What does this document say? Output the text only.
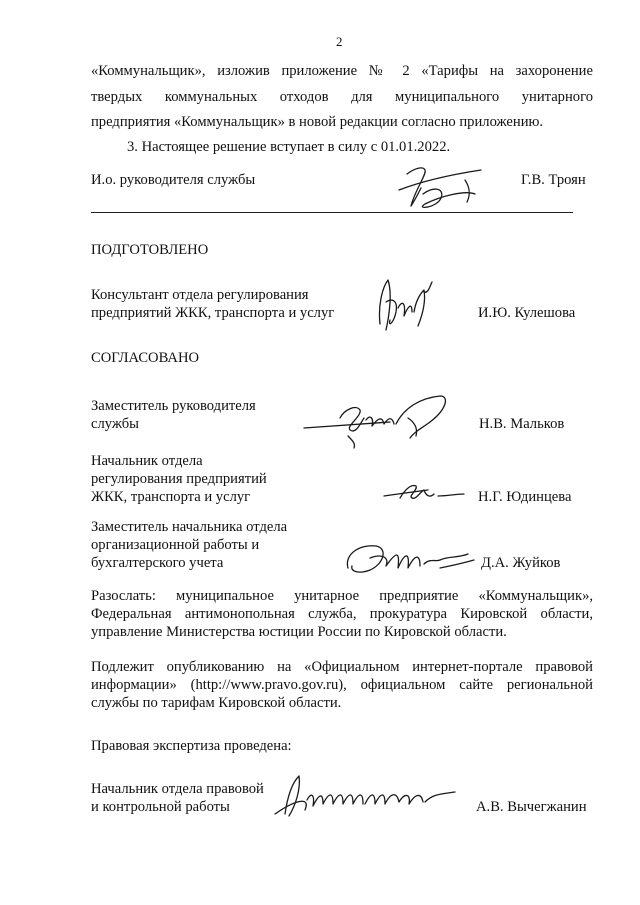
2
«Коммунальщик», изложив приложение № 2 «Тарифы на захоронение
твердых коммунальных отходов для муниципального унитарного
предприятия «Коммунальщик» в новой редакции согласно приложению.
3. Настоящее решение вступает в силу с 01.01.2022.
И.о. руководителя службы	Г.В. Троян
ПОДГОТОВЛЕНО
Консультант отдела регулирования
предприятий ЖКК, транспорта и услуг	И.Ю. Кулешова
СОГЛАСОВАНО
Заместитель руководителя
службы	Н.В. Мальков
Начальник отдела
регулирования предприятий
ЖКК, транспорта и услуг	Н.Г. Юдинцева
Заместитель начальника отдела
организационной работы и
бухгалтерского учета	Д.А. Жуйков
Разослать: муниципальное унитарное предприятие «Коммунальщик»,
Федеральная антимонопольная служба, прокуратура Кировской области,
управление Министерства юстиции России по Кировской области.
Подлежит опубликованию на «Официальном интернет-портале правовой
информации» (http://www.pravo.gov.ru), официальном сайте региональной
службы по тарифам Кировской области.
Правовая экспертиза проведена:
Начальник отдела правовой
и контрольной работы	А.В. Вычегжанин
